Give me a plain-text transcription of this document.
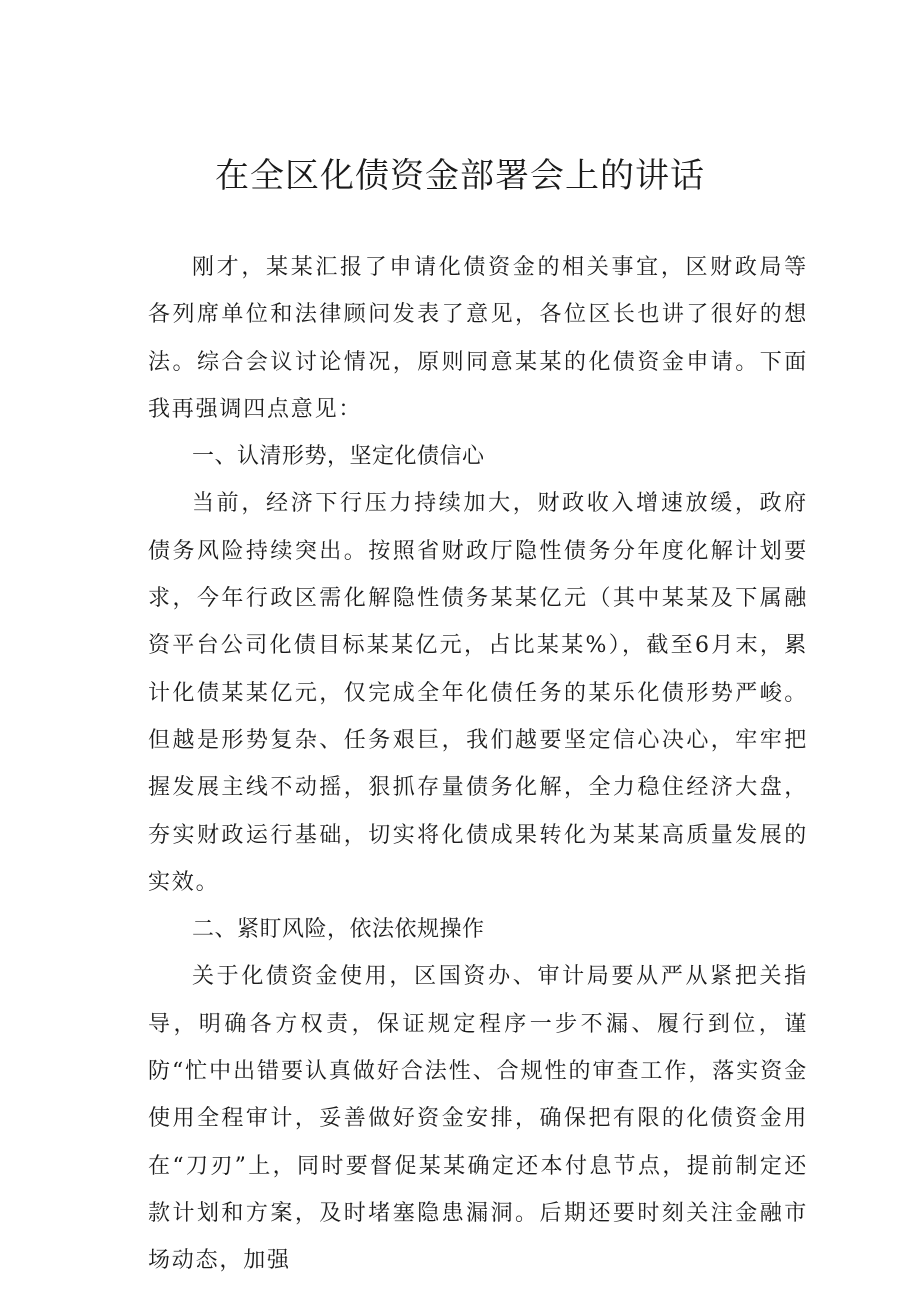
在全区化债资金部署会上的讲话

刚才，某某汇报了申请化债资金的相关事宜，区财政局等各列席单位和法律顾问发表了意见，各位区长也讲了很好的想法。综合会议讨论情况，原则同意某某的化债资金申请。下面我再强调四点意见：

一、认清形势，坚定化债信心

当前，经济下行压力持续加大，财政收入增速放缓，政府债务风险持续突出。按照省财政厅隐性债务分年度化解计划要求，今年行政区需化解隐性债务某某亿元（其中某某及下属融资平台公司化债目标某某亿元，占比某某%），截至6月末，累计化债某某亿元，仅完成全年化债任务的某乐化债形势严峻。但越是形势复杂、任务艰巨，我们越要坚定信心决心，牢牢把握发展主线不动摇，狠抓存量债务化解，全力稳住经济大盘，夯实财政运行基础，切实将化债成果转化为某某高质量发展的实效。

二、紧盯风险，依法依规操作

关于化债资金使用，区国资办、审计局要从严从紧把关指导，明确各方权责，保证规定程序一步不漏、履行到位，谨防“忙中出错要认真做好合法性、合规性的审查工作，落实资金使用全程审计，妥善做好资金安排，确保把有限的化债资金用在“刀刃”上，同时要督促某某确定还本付息节点，提前制定还款计划和方案，及时堵塞隐患漏洞。后期还要时刻关注金融市场动态，加强
